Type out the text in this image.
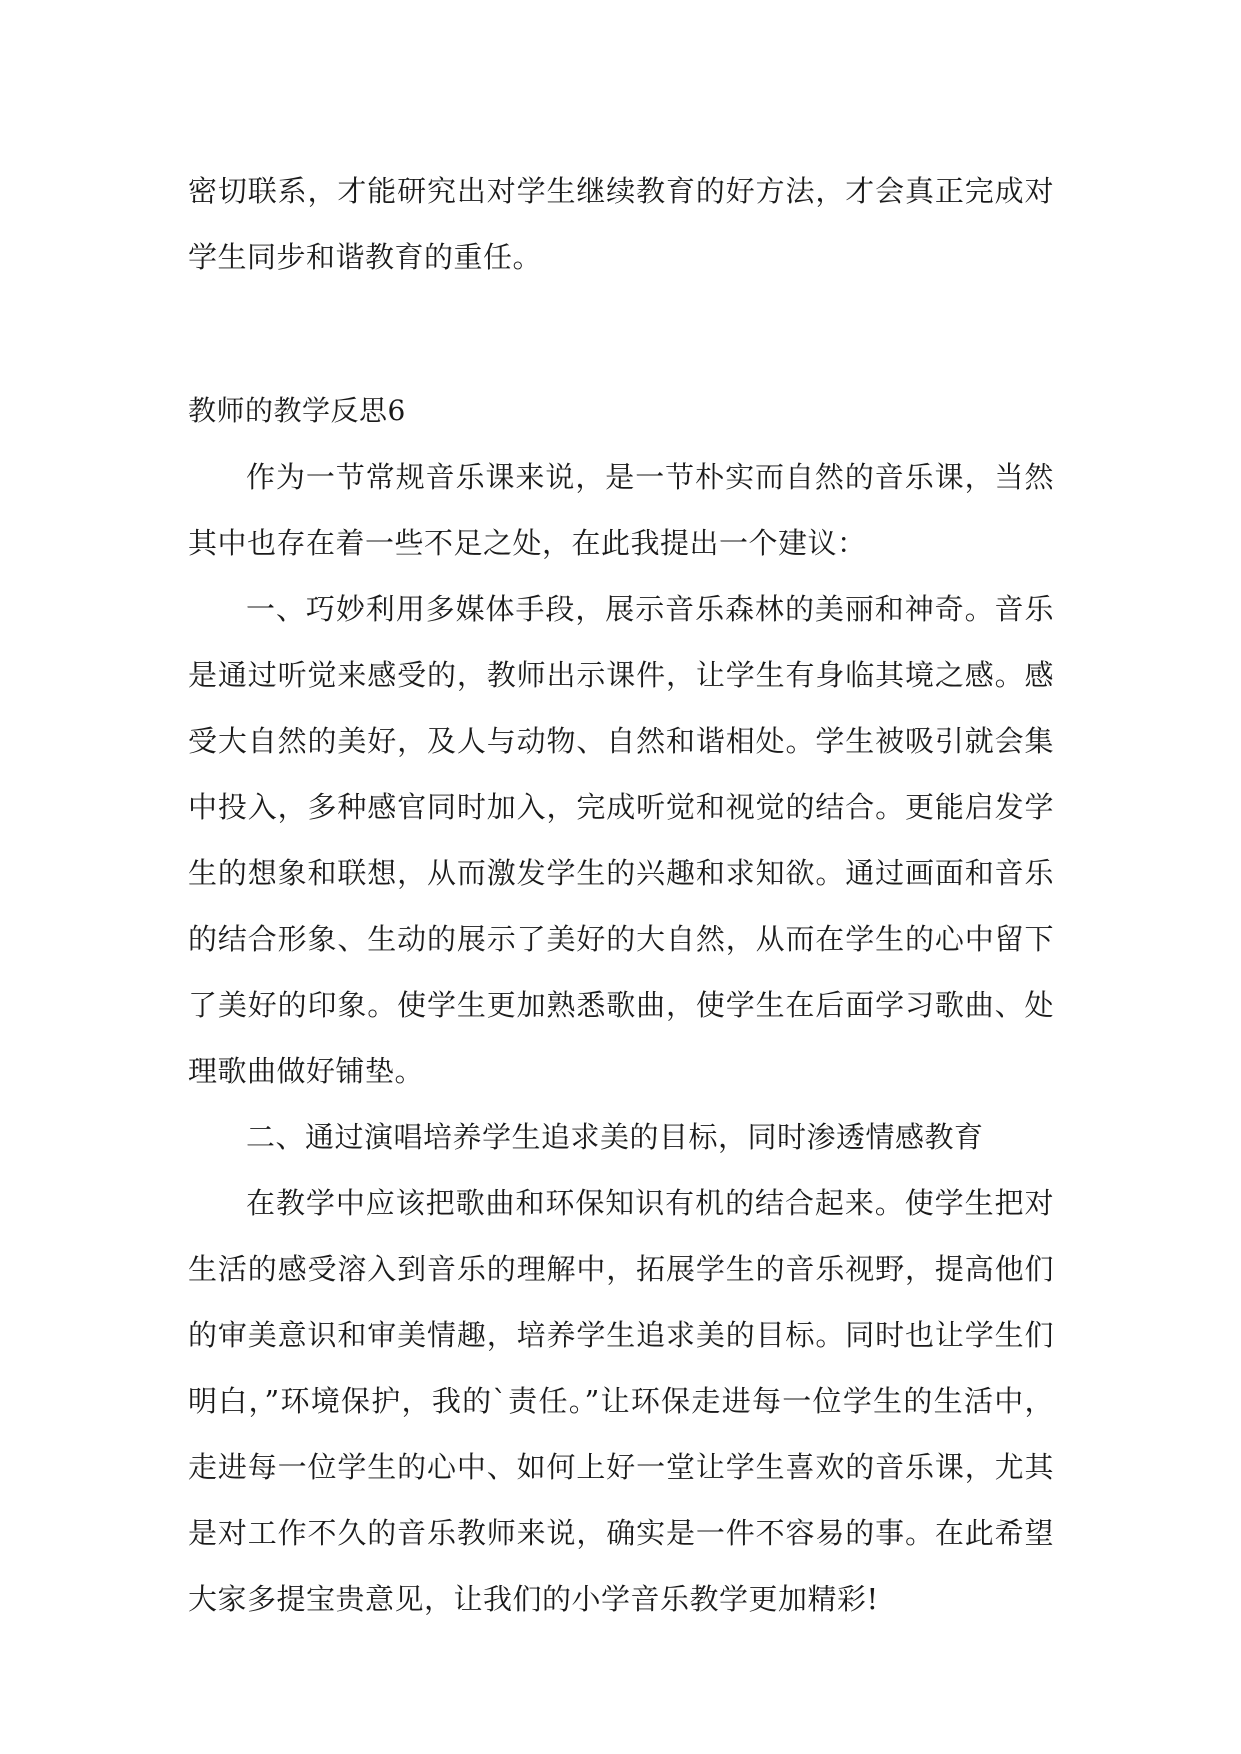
密切联系，才能研究出对学生继续教育的好方法，才会真正完成对学生同步和谐教育的重任。

教师的教学反思6

作为一节常规音乐课来说，是一节朴实而自然的音乐课，当然其中也存在着一些不足之处，在此我提出一个建议：

一、巧妙利用多媒体手段，展示音乐森林的美丽和神奇。音乐是通过听觉来感受的，教师出示课件，让学生有身临其境之感。感受大自然的美好，及人与动物、自然和谐相处。学生被吸引就会集中投入，多种感官同时加入，完成听觉和视觉的结合。更能启发学生的想象和联想，从而激发学生的兴趣和求知欲。通过画面和音乐的结合形象、生动的展示了美好的大自然，从而在学生的心中留下了美好的印象。使学生更加熟悉歌曲，使学生在后面学习歌曲、处理歌曲做好铺垫。

二、通过演唱培养学生追求美的目标，同时渗透情感教育

在教学中应该把歌曲和环保知识有机的结合起来。使学生把对生活的感受溶入到音乐的理解中，拓展学生的音乐视野，提高他们的审美意识和审美情趣，培养学生追求美的目标。同时也让学生们明白，”环境保护，我的`责任。”让环保走进每一位学生的生活中，走进每一位学生的心中、如何上好一堂让学生喜欢的音乐课，尤其是对工作不久的音乐教师来说，确实是一件不容易的事。在此希望大家多提宝贵意见，让我们的小学音乐教学更加精彩!
